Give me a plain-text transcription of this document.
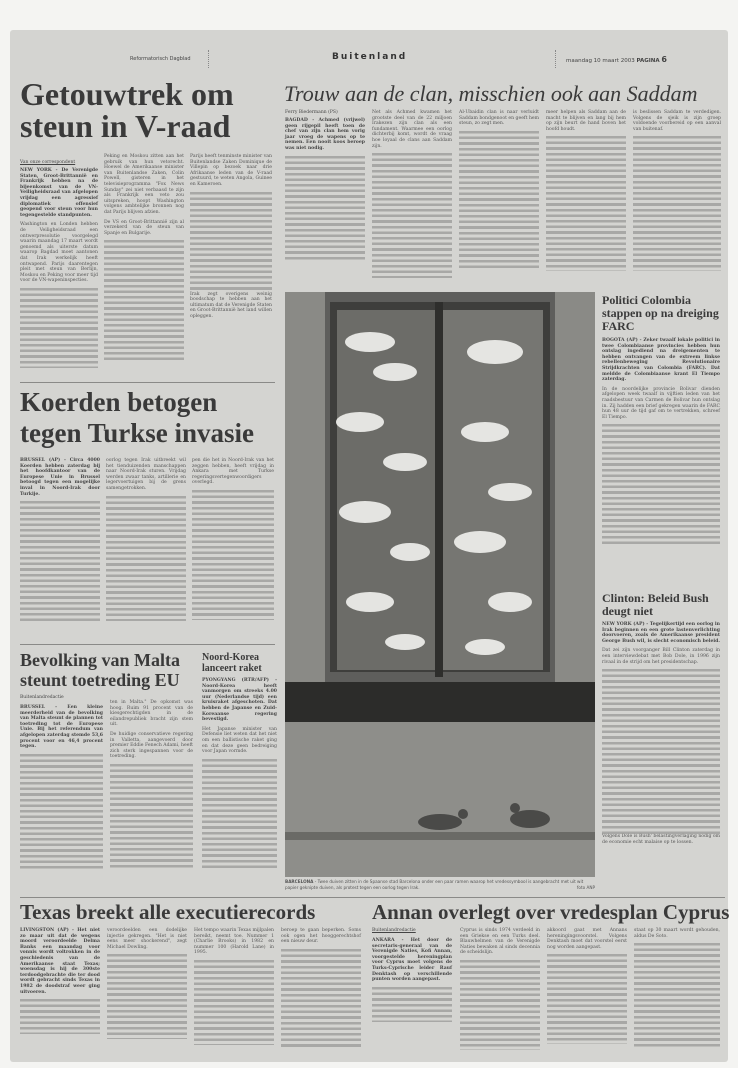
Reformatorisch Dagblad	Buitenland	maandag 10 maart 2003 PAGINA 6
Getouwtrek om steun in V-raad
Van onze correspondent

NEW YORK - De Verenigde Staten, Groot-Brittannië en Frankrijk hebben na de bijeenkomst van de VN-Veiligheidsraad van afgelopen vrijdag een agressief diplomatiek offensief geopend voor steun voor hun tegengestelde standpunten.

Washington en Londen hebben de Veiligheidsraad een ontwerpresolutie voorgelegd waarin maandag 17 maart wordt genoemd als uiterste datum waarop Bagdad moet aantonen dat Irak werkelijk heeft ontwapend. Parijs daarentegen pleit met steun van Berlijn, Moskou en Peking voor meer tijd voor de VN-wapeninspecties.

Peking en Moskou zitten aan het gebruik van hun vetorecht. Hoewel de Amerikaanse minister van Buitenlandse Zaken, Colin Powell, gisteren in het televisieprogramma "Fox News Sunday" zei niet verbaasd te zijn als Frankrijk een veto zou uitspreken, hoopt Washington volgens ambtelijke bronnen nog dat Parijs blijven afzien.

De VS en Groot-Brittannië zijn al verzekerd van de steun van Spanje en Bulgarije.

Parijs heeft tenminste minister van Buitenlandse Zaken Dominique de Villepin op bezoek naar drie Afrikaanse leden van de V-raad gestuurd, te weten Angola, Guinee en Kameroen.

Irak zegt overigens weinig boodschap te hebben aan het ultimatum dat de Verenigde Staten en Groot-Brittannië het land willen opleggen.

Trouw aan de clan, misschien ook aan Saddam
Ferry Biedermann (PS)

BAGDAD - Achmed (vrijwel) geen rijgepil heeft toen de chef van zijn clan hem vorig jaar vroeg de wapens op te nemen. Een nooit koos beroep was niet nodig.

Net als Achmed kwamen het grootste deel van de 22 miljoen Irakezen zijn clan als een fundament. Waarmee een oorlog dichterbij komt, wordt de vraag hoe loyaal de clans aan Saddam zijn.

Al-Ubaidin clan is naar verluidt Saddam bondgenoot en geeft hem steun, zo zegt men.

meer helpen als Saddam aan de macht te blijven en lang bij hem op zijn beurt de hand boven het hoofd houdt.

is beslissen Saddam te verdedigen. Volgens de sjeik is zijn groep voldoende voorbereid op een aanval van buitenaf.

BARCELONA - Twee duiven zitten in de Spaanse stad Barcelona onder een paar ramen waarop het vredessymbool is aangebracht met uit wit papier geknipte duiven, als protest tegen een oorlog tegen Irak.	foto ANP
Politici Colombia stappen op na dreiging FARC

BOGOTA (AP) - Zeker twaalf lokale politici in twee Colombiaanse provincies hebben hun ontslag ingediend na dreigementen te hebben ontvangen van de extreem linkse rebellenbeweging Revolutionaire Strijdkrachten van Colombia (FARC). Dat meldde de Colombiaanse krant El Tiempo zaterdag.

In de noordelijke provincie Bolivar dienden afgelopen week twaalf in vijftien leden van het raadsbestuur van Carmen de Bolivar hun ontslag in. Zij hadden een brief gekregen waarin de FARC hun 48 uur de tijd gaf om te vertrekken, schreef El Tiempo.

Clinton: Beleid Bush deugt niet

NEW YORK (AP) - Tegelijkertijd een oorlog in Irak beginnen en een grote lastenverlichting doorvoeren, zoals de Amerikaanse president George Bush wil, is slecht economisch beleid.

Dat zei zijn voorganger Bill Clinton zaterdag in een interviewdebat met Bob Dole, in 1996 zijn rivaal in de strijd om het presidentschap.

Volgens Dole is Bush' belastingverlaging nodig om de economie echt malaise op te lossen.

Koerden betogen tegen Turkse invasie

BRUSSEL (AP) - Circa 4000 Koerden hebben zaterdag bij het hoofdkantoor van de Europese Unie in Brussel betoogd tegen een mogelijke inval in Noord-Irak door Turkije.

oorlog tegen Irak uitbreekt wil het tienduizenden manschappen naar Noord-Irak sturen. Vrijdag werden zwaar tanks, artillerie en legervoertuigen bij de grens samengetrokken.

pen die het in Noord-Irak van het zeggen hebben, heeft vrijdag in Ankara met Turkse regeringsvertegenwoordigers overlegd.

Bevolking van Malta steunt toetreding EU
Buitenlandredactie

BRUSSEL - Een kleine meerderheid van de bevolking van Malta steunt de plannen tot toetreding tot de Europese Unie. Bij het referendum van afgelopen zaterdag stemde 53,6 procent voor en 46,4 procent tegen.

ten in Malta." De opkomst was hoog. Ruim 91 procent van de kiesgerechtigden in de eilandrepubliek bracht zijn stem uit.

De huidige conservatieve regering in Valletta, aangevoerd door premier Eddie Fenech Adami, heeft zich sterk ingespannen voor de toetreding.

Noord-Korea lanceert raket

PYONGYANG (RTR/AFP) - Noord-Korea heeft vanmorgen om streeks 4.00 uur (Nederlandse tijd) een kruisraket afgeschoten. Dat hebben de Japanse en Zuid-Koreaanse regering bevestigd.

Het Japanse minister van Defensie liet weten dat het niet om een ballistische raket ging en dat deze geen bedreiging voor Japan vormde.

Texas breekt alle executierecords

LIVINGSTON (AP) - Het niet zo maar uit dat de wegens moord veroordeelde Delma Banks een maandag voor vonnis wordt voltrokken in de geschiedenis van de Amerikaanse staat Texas; woensdag is hij de 300ste terdoodgebrachte die ter dood wordt gebracht sinds Texas in 1982 de doodstraf weer ging uitvoeren.

veroordeelden een dodelijke injectie gekregen. "Het is niet eens meer shockerend", zegt Michael Dowling.

Het tempo waarin Texas mijlpalen bereikt, neemt toe. Nummer 1 (Charlie Brooks) in 1982 en nummer 100 (Harold Lane) in 1995.

beroep te gaan beperken. Soms ook ogen het hooggerechtshof een nieuw deur.

Annan overlegt over vredesplan Cyprus
Buitenlandredactie

ANKARA - Het door de secretaris-generaal van de Verenigde Naties, Kofi Annan, voorgestelde hereningplan voor Cyprus moet volgens de Turks-Cyprische leider Rauf Denktash op verschillende punten worden aangepast.

Cyprus is sinds 1974 verdeeld in een Griekse en een Turks deel. Blauwhelmen van de Verenigde Naties bewaken al sinds decennia de scheidslijn.

akkoord gaat met Annans hereningingsvoorstel. Volgens Denktash moet dat voorstel eerst nog worden aangepast.

staat op 30 maart wordt gehouden, aldus De Soto.
